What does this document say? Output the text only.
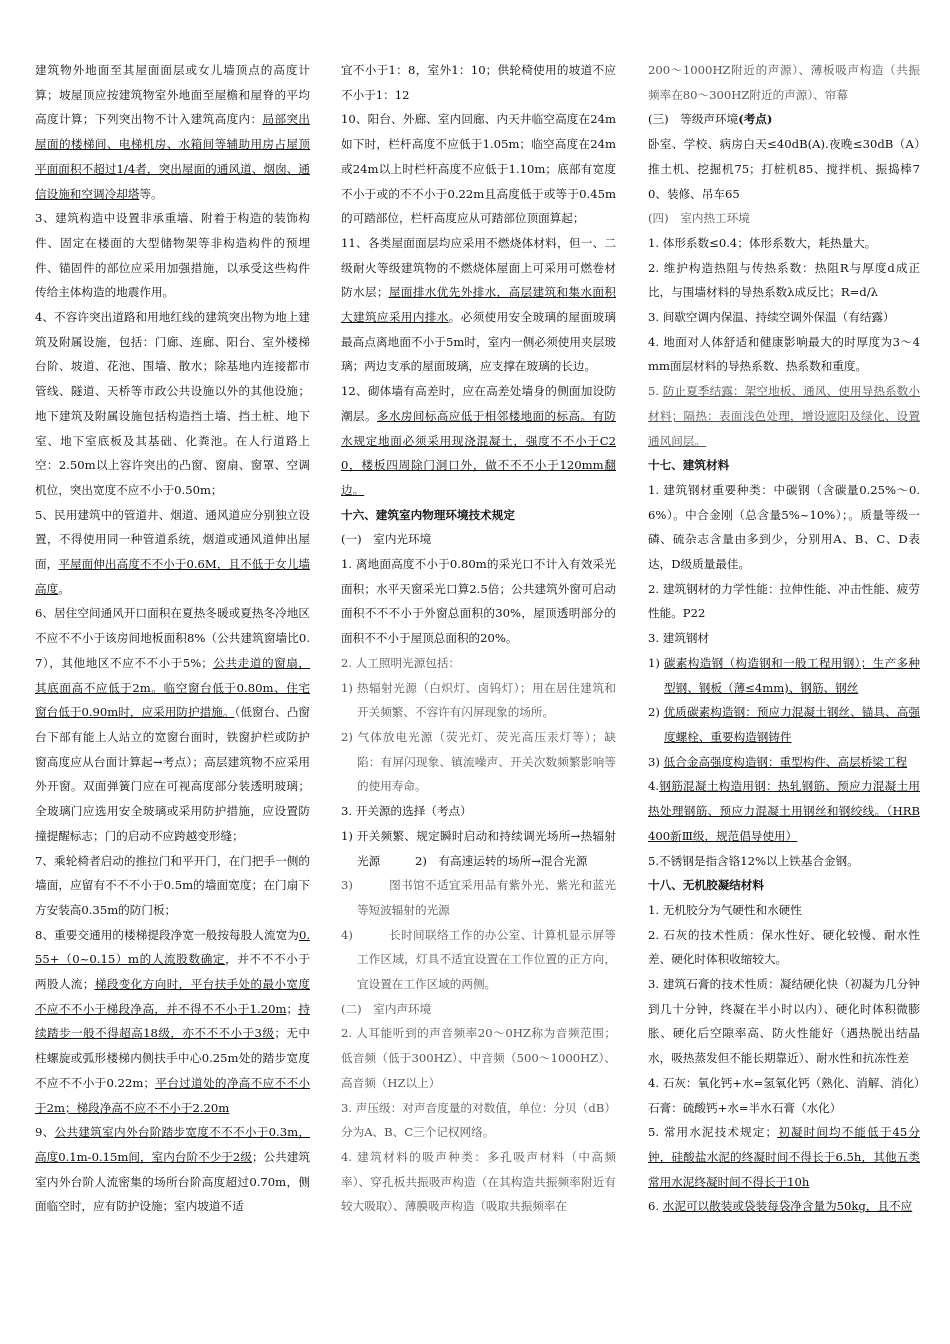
建筑物外地面至其屋面面层或女儿墙顶点的高度计算；坡屋顶应按建筑物室外地面至屋檐和屋脊的平均高度计算；下列突出物不计入建筑高度内：局部突出屋面的楼梯间、电梯机房、水箱间等辅助用房占屋顶平面面积不超过1/4者，突出屋面的通风道、烟囱、通信设施和空调冷却塔等。

3、建筑构造中设置非承重墙、附着于构造的装饰构件、固定在楼面的大型储物架等非构造构件的预埋件、锚固件的部位应采用加强措施，以承受这些构件传给主体构造的地震作用。

4、不容许突出道路和用地红线的建筑突出物为地上建筑及附属设施，包括：门廊、连廊、阳台、室外楼梯台阶、坡道、花池、围墙、散水；除基地内连接都市管线、隧道、天桥等市政公共设施以外的其他设施；地下建筑及附属设施包括构造挡土墙、挡土桩、地下室、地下室底板及其基础、化粪池。在人行道路上空：2.50m以上容许突出的凸窗、窗扇、窗罩、空调机位，突出宽度不应不小于0.50m；

5、民用建筑中的管道井、烟道、通风道应分别独立设置，不得使用同一种管道系统，烟道或通风道伸出屋面，平屋面伸出高度不不小于0.6M，且不低于女儿墙高度。

6、居住空间通风开口面积在夏热冬暖或夏热冬冷地区不应不不小于该房间地板面积8%（公共建筑窗墙比0.7），其他地区不应不不小于5%；公共走道的窗扇，其底面高不应低于2m。临空窗台低于0.80m、住宅窗台低于0.90m时，应采用防护措施。（低窗台、凸窗台下部有能上人站立的宽窗台面时，铁窗护栏或防护窗高度应从台面计算起→考点）；高层建筑物不应采用外开窗。双面弹簧门应在可视高度部分装透明玻璃；全玻璃门应选用安全玻璃或采用防护措施，应设置防撞提醒标志；门的启动不应跨越变形缝；

7、乘轮椅者启动的推拉门和平开门，在门把手一侧的墙面，应留有不不不小于0.5m的墙面宽度；在门扇下方安装高0.35m的防门板；

8、重要交通用的楼梯提段净宽一般按每股人流宽为0.55+（0~0.15）m的人流股数确定，并不不不小于两股人流；梯段变化方向时，平台扶手处的最小宽度不应不不小于梯段净高，并不得不不小于1.20m；持续踏步一般不得超高18级，亦不不不小于3级；无中柱螺旋或弧形楼梯内侧扶手中心0.25m处的踏步宽度不应不不小于0.22m；平台过道处的净高不应不不小于2m；梯段净高不应不不小于2.20m

9、公共建筑室内外台阶踏步宽度不不不小于0.3m，高度0.1m-0.15m间，室内台阶不少于2级；公共建筑室内外台阶人流密集的场所台阶高度超过0.70m，侧面临空时，应有防护设施；室内坡道不适

宜不小于1：8，室外1：10；供轮椅使用的坡道不应不小于1：12

10、阳台、外廊、室内回廊、内天井临空高度在24m如下时，栏杆高度不应低于1.05m；临空高度在24m或24m以上时栏杆高度不应低于1.10m；底部有宽度不小于或的不不小于0.22m且高度低于或等于0.45m的可踏部位，栏杆高度应从可踏部位顶面算起；

11、各类屋面面层均应采用不燃烧体材料，但一、二级耐火等级建筑物的不燃烧体屋面上可采用可燃卷材防水层；屋面排水优先外排水，高层建筑和集水面积大建筑应采用内排水。必须使用安全玻璃的屋面玻璃最高点离地面不小于5m时，室内一侧必须使用夹层玻璃；两边支承的屋面玻璃，应支撑在玻璃的长边。

12、砌体墙有高差时，应在高差处墙身的侧面加设防潮层。多水房间标高应低于相邻楼地面的标高。有防水规定地面必须采用现浇混凝土，强度不不小于C20，楼板四周除门洞口外，做不不不小于120mm翻边。

十六、建筑室内物理环境技术规定

(一)　室内光环境

1. 离地面高度不小于0.80m的采光口不计入有效采光面积；水平天窗采光口算2.5倍；公共建筑外窗可启动面积不不不小于外窗总面积的30%，屋顶透明部分的面积不不小于屋顶总面积的20%。

2. 人工照明光源包括：

1) 热辐射光源（白炽灯、卤钨灯）；用在居住建筑和开关频繁、不容许有闪屏现象的场所。

2) 气体放电光源（荧光灯、荧光高压汞灯等）；缺陷：有屏闪现象、镇流噪声、开关次数频繁影响等的使用寿命。

3. 开关源的选择（考点）

1) 开关频繁、规定瞬时启动和持续调光场所→热辐射光源　　　2)　有高速运转的场所→混合光源

3)　　　图书馆不适宜采用品有紫外光、紫光和蓝光等短波辐射的光源

4)　　　长时间联络工作的办公室、计算机显示屏等工作区域，灯具不适宜设置在工作位置的正方向，宜设置在工作区域的两侧。

(二)　室内声环境

2. 人耳能听到的声音频率20～0HZ称为音频范围；低音频（低于300HZ）、中音频（500～1000HZ）、高音频（HZ以上）

3. 声压级：对声音度量的对数值，单位：分贝（dB）分为A、B、C三个记权网络。

4. 建筑材料的吸声种类：多孔吸声材料（中高频率）、穿孔板共振吸声构造（在其构造共振频率附近有较大吸取）、薄膜吸声构造（吸取共振频率在

200～1000HZ附近的声源）、薄板吸声构造（共振频率在80～300HZ附近的声源）、帘幕

(三)　等级声环境(考点)

卧室、学校、病房白天≤40dB(A).夜晚≤30dB（A）推土机、挖掘机75；打桩机85、搅拌机、振捣棒70、装修、吊车65

(四)　室内热工环境

1. 体形系数≤0.4；体形系数大，耗热量大。

2. 维护构造热阻与传热系数：热阻R与厚度d成正比，与围墙材料的导热系数λ成反比；R=d/λ

3. 间歇空调内保温、持续空调外保温（有结露）

4. 地面对人体舒适和健康影响最大的时厚度为3～4mm面层材料的导热系数、热系数和重度。

5. 防止夏季结露：架空地板、通风、使用导热系数小材料；隔热：表面浅色处理，增设遮阳及绿化、设置通风间层。

十七、建筑材料

1. 建筑钢材重要种类：中碳钢（含碳量0.25%～0.6%）。中合金刚（总含量5%~10%）；。质量等级一磷、硫杂志含量由多到少，分别用A、B、C、D表达，D级质量最佳。

2. 建筑钢材的力学性能：拉伸性能、冲击性能、疲劳性能。P22

3. 建筑钢材

1) 碳素构造钢（构造钢和一般工程用钢）；生产多种型钢、钢板（薄≤4mm)、钢筋、钢丝

2) 优质碳素构造钢：预应力混凝土钢丝、锚具、高强度螺栓、重要构造钢铸件

3) 低合金高强度构造钢：重型构件、高层桥梁工程

4.钢筋混凝土构造用钢：热轧钢筋、预应力混凝土用热处理钢筋、预应力混凝土用钢丝和钢绞线。（HRB400新Ⅲ级，规范倡导使用）

5.不锈钢是指含铬12%以上铁基合金钢。

十八、无机胶凝结材料

1. 无机胶分为气硬性和水硬性

2. 石灰的技术性质：保水性好、硬化较慢、耐水性差、硬化时体积收缩较大。

3. 建筑石膏的技术性质：凝结硬化快（初凝为几分钟到几十分钟，终凝在半小时以内）、硬化时体积微膨胀、硬化后空隙率高、防火性能好（遇热脱出结晶水，吸热蒸发但不能长期靠近）、耐水性和抗冻性差

4. 石灰：氧化钙+水=氢氧化钙（熟化、消解、消化）

石膏：硫酸钙+水=半水石膏（水化）

5. 常用水泥技术规定；初凝时间均不能低于45分钟，硅酸盐水泥的终凝时间不得长于6.5h，其他五类常用水泥终凝时间不得长于10h

6. 水泥可以散装或袋装每袋净含量为50kg，且不应
